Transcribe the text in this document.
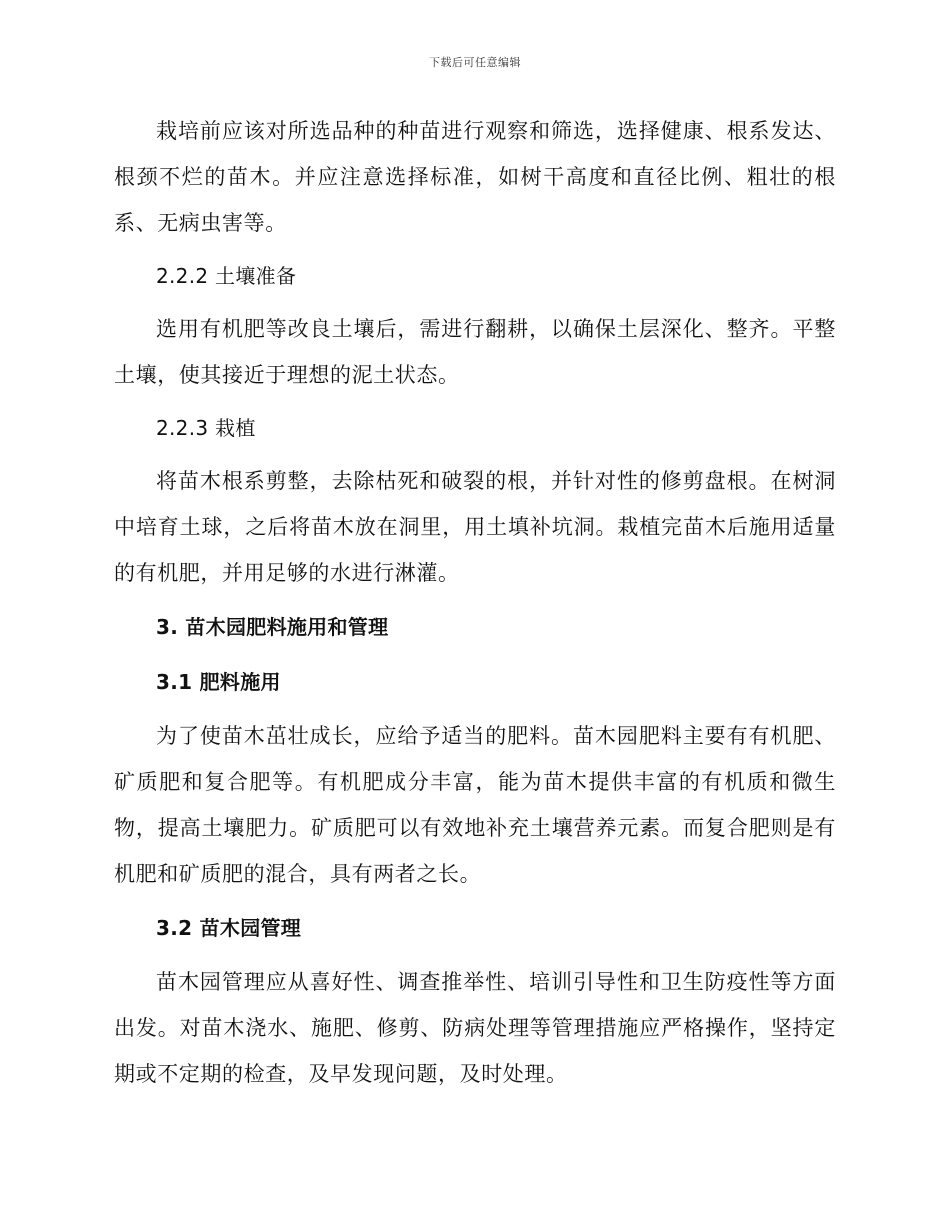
下载后可任意编辑

栽培前应该对所选品种的种苗进行观察和筛选，选择健康、根系发达、根颈不烂的苗木。并应注意选择标准，如树干高度和直径比例、粗壮的根系、无病虫害等。

2.2.2 土壤准备

选用有机肥等改良土壤后，需进行翻耕，以确保土层深化、整齐。平整土壤，使其接近于理想的泥土状态。

2.2.3 栽植

将苗木根系剪整，去除枯死和破裂的根，并针对性的修剪盘根。在树洞中培育土球，之后将苗木放在洞里，用土填补坑洞。栽植完苗木后施用适量的有机肥，并用足够的水进行淋灌。

3. 苗木园肥料施用和管理

3.1 肥料施用

为了使苗木茁壮成长，应给予适当的肥料。苗木园肥料主要有有机肥、矿质肥和复合肥等。有机肥成分丰富，能为苗木提供丰富的有机质和微生物，提高土壤肥力。矿质肥可以有效地补充土壤营养元素。而复合肥则是有机肥和矿质肥的混合，具有两者之长。

3.2 苗木园管理

苗木园管理应从喜好性、调查推举性、培训引导性和卫生防疫性等方面出发。对苗木浇水、施肥、修剪、防病处理等管理措施应严格操作，坚持定期或不定期的检查，及早发现问题，及时处理。
